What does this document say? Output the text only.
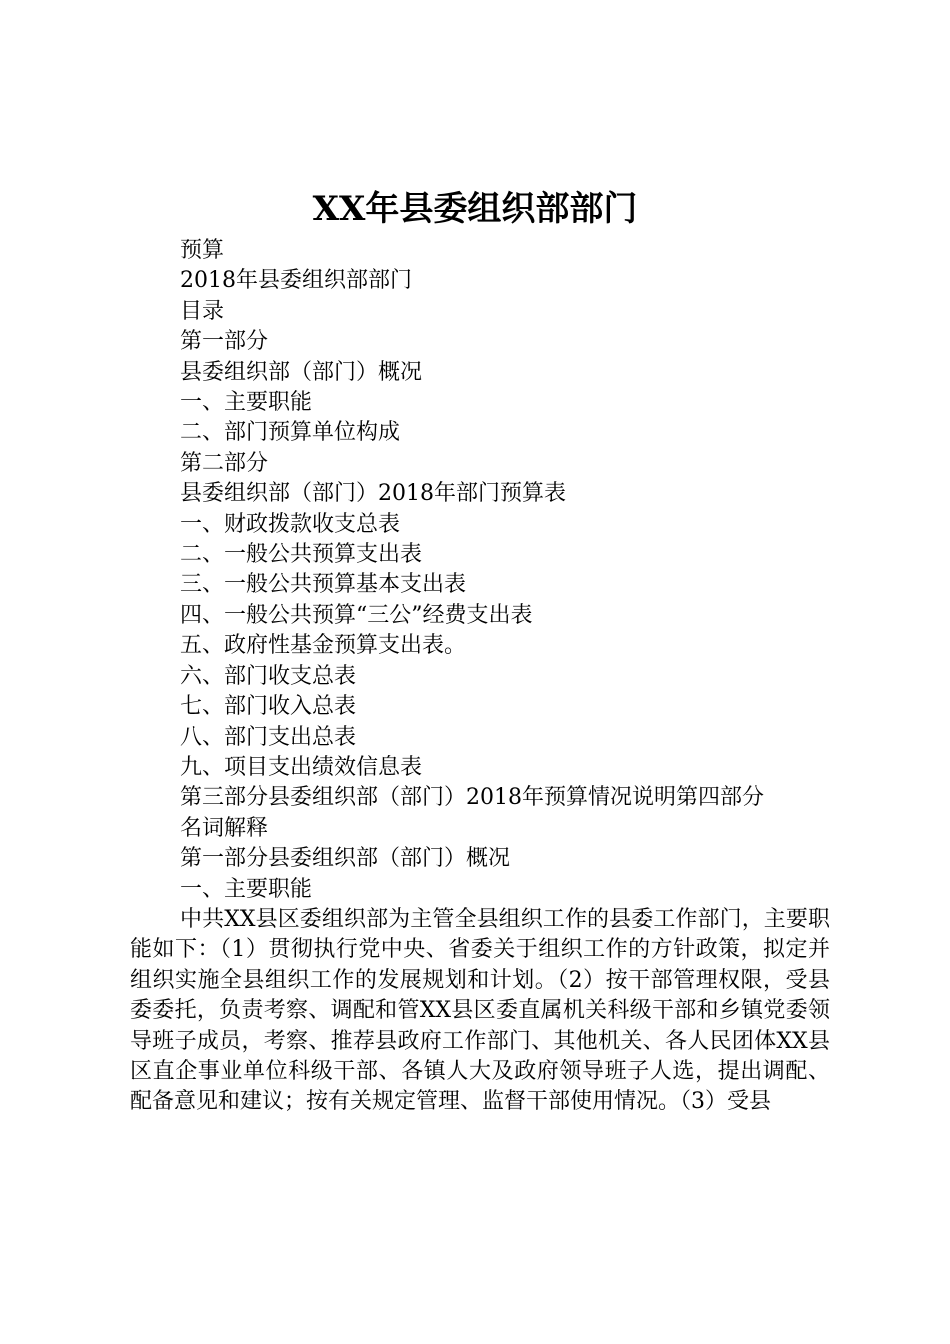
XX年县委组织部部门
预算
2018年县委组织部部门
目录
第一部分
县委组织部（部门）概况
一、主要职能
二、部门预算单位构成
第二部分
县委组织部（部门）2018年部门预算表
一、财政拨款收支总表
二、一般公共预算支出表
三、一般公共预算基本支出表
四、一般公共预算“三公”经费支出表
五、政府性基金预算支出表。
六、部门收支总表
七、部门收入总表
八、部门支出总表
九、项目支出绩效信息表
第三部分县委组织部（部门）2018年预算情况说明第四部分
名词解释
第一部分县委组织部（部门）概况
一、主要职能
中共XX县区委组织部为主管全县组织工作的县委工作部门，主要职能如下：（1）贯彻执行党中央、省委关于组织工作的方针政策，拟定并组织实施全县组织工作的发展规划和计划。（2）按干部管理权限，受县委委托，负责考察、调配和管XX县区委直属机关科级干部和乡镇党委领导班子成员，考察、推荐县政府工作部门、其他机关、各人民团体XX县区直企事业单位科级干部、各镇人大及政府领导班子人选，提出调配、配备意见和建议；按有关规定管理、监督干部使用情况。（3）受县
